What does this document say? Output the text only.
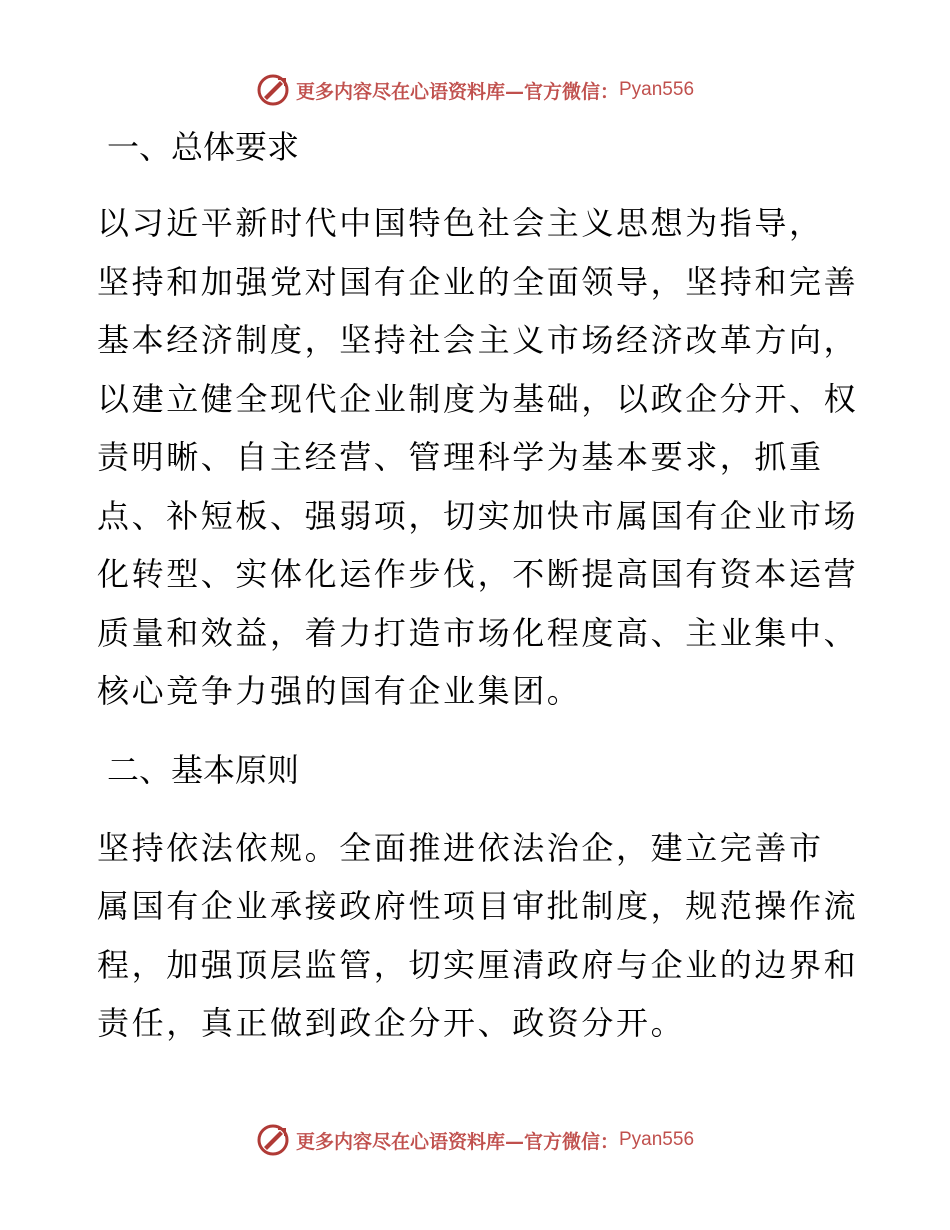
更多内容尽在心语资料库—官方微信： Pyan556
一、总体要求

以习近平新时代中国特色社会主义思想为指导，
坚持和加强党对国有企业的全面领导，坚持和完善
基本经济制度，坚持社会主义市场经济改革方向，
以建立健全现代企业制度为基础，以政企分开、权
责明晰、自主经营、管理科学为基本要求，抓重
点、补短板、强弱项，切实加快市属国有企业市场
化转型、实体化运作步伐，不断提高国有资本运营
质量和效益，着力打造市场化程度高、主业集中、
核心竞争力强的国有企业集团。

二、基本原则

坚持依法依规。全面推进依法治企，建立完善市
属国有企业承接政府性项目审批制度，规范操作流
程，加强顶层监管，切实厘清政府与企业的边界和
责任，真正做到政企分开、政资分开。

更多内容尽在心语资料库—官方微信： Pyan556
